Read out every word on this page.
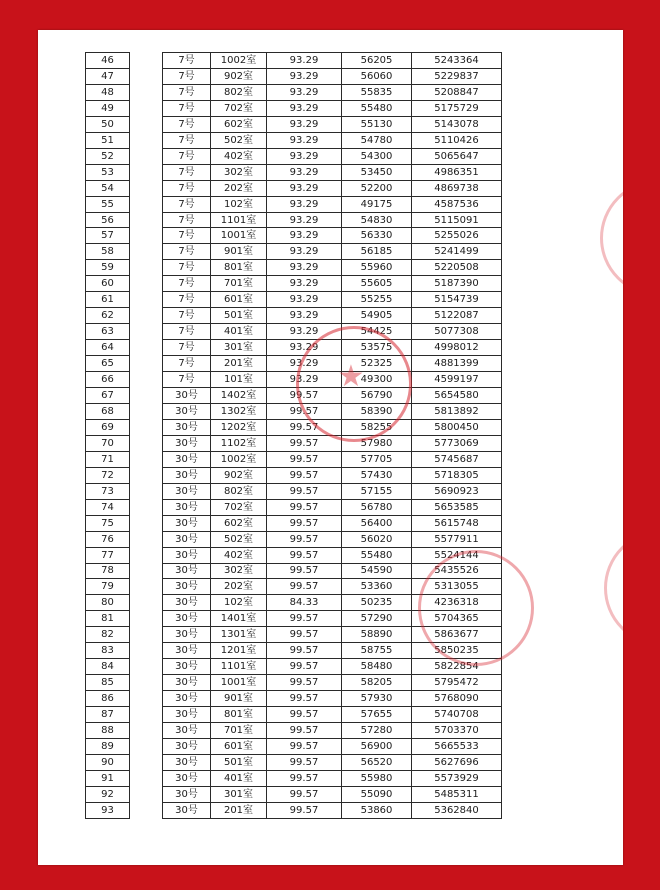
46		7号	1002室	93.29	56205	5243364
47		7号	902室	93.29	56060	5229837
48		7号	802室	93.29	55835	5208847
49		7号	702室	93.29	55480	5175729
50		7号	602室	93.29	55130	5143078
51		7号	502室	93.29	54780	5110426
52		7号	402室	93.29	54300	5065647
53		7号	302室	93.29	53450	4986351
54		7号	202室	93.29	52200	4869738
55		7号	102室	93.29	49175	4587536
56		7号	1101室	93.29	54830	5115091
57		7号	1001室	93.29	56330	5255026
58		7号	901室	93.29	56185	5241499
59		7号	801室	93.29	55960	5220508
60		7号	701室	93.29	55605	5187390
61		7号	601室	93.29	55255	5154739
62		7号	501室	93.29	54905	5122087
63		7号	401室	93.29	54425	5077308
64		7号	301室	93.29	53575	4998012
65		7号	201室	93.29	52325	4881399
66		7号	101室	93.29	49300	4599197
67		30号	1402室	99.57	56790	5654580
68		30号	1302室	99.57	58390	5813892
69		30号	1202室	99.57	58255	5800450
70		30号	1102室	99.57	57980	5773069
71		30号	1002室	99.57	57705	5745687
72		30号	902室	99.57	57430	5718305
73		30号	802室	99.57	57155	5690923
74		30号	702室	99.57	56780	5653585
75		30号	602室	99.57	56400	5615748
76		30号	502室	99.57	56020	5577911
77		30号	402室	99.57	55480	5524144
78		30号	302室	99.57	54590	5435526
79		30号	202室	99.57	53360	5313055
80		30号	102室	84.33	50235	4236318
81		30号	1401室	99.57	57290	5704365
82		30号	1301室	99.57	58890	5863677
83		30号	1201室	99.57	58755	5850235
84		30号	1101室	99.57	58480	5822854
85		30号	1001室	99.57	58205	5795472
86		30号	901室	99.57	57930	5768090
87		30号	801室	99.57	57655	5740708
88		30号	701室	99.57	57280	5703370
89		30号	601室	99.57	56900	5665533
90		30号	501室	99.57	56520	5627696
91		30号	401室	99.57	55980	5573929
92		30号	301室	99.57	55090	5485311
93		30号	201室	99.57	53860	5362840
★
